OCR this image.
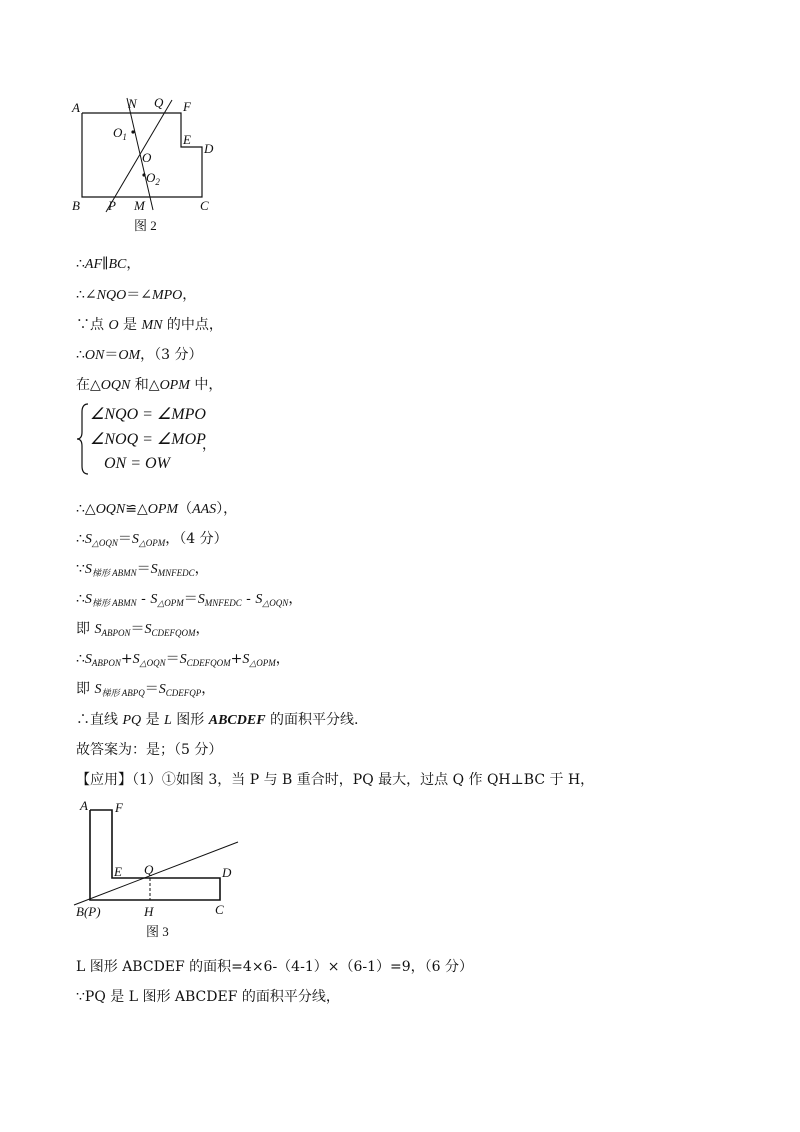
A	N Q F
$O_1$	E
D
O
$O_2$
B P M	C
图 2
∴AF∥BC，
∴∠NQO＝∠MPO，
∵点 O 是 MN 的中点，
∴ON＝OM，（3 分）
在△OQN 和△OPM 中，
∠NQO = ∠MPO
∠NOQ = ∠MOP
ON = OW
，
∴△OQN≌△OPM（AAS），
$\therefore S_{\triangle OQN}=S_{\triangle OPM}$，（4 分）
$\because S_{梯形 ABMN}=S_{MNFEDC}$，
$\therefore S_{梯形 ABMN} - S_{\triangle OPM}=S_{MNFEDC} - S_{\triangle OQN}$，
即 $S_{ABPON}=S_{CDEFQOM}$，
$\therefore S_{ABPON}+S_{\triangle OQN}=S_{CDEFQOM}+S_{\triangle OPM}$，
即 $S_{梯形 ABPQ}=S_{CDEFQP}$，
∴直线 PQ 是 L 图形 ABCDEF 的面积平分线.
故答案为：是；（5 分）
【应用】（1）①如图 3，当 P 与 B 重合时，PQ 最大，过点 Q 作 QH⊥BC 于 H，
A F
E Q	D
B(P)	H	C
图 3
L 图形 ABCDEF 的面积=4×6-（4-1）×（6-1）=9，（6 分）
∵PQ 是 L 图形 ABCDEF 的面积平分线，
